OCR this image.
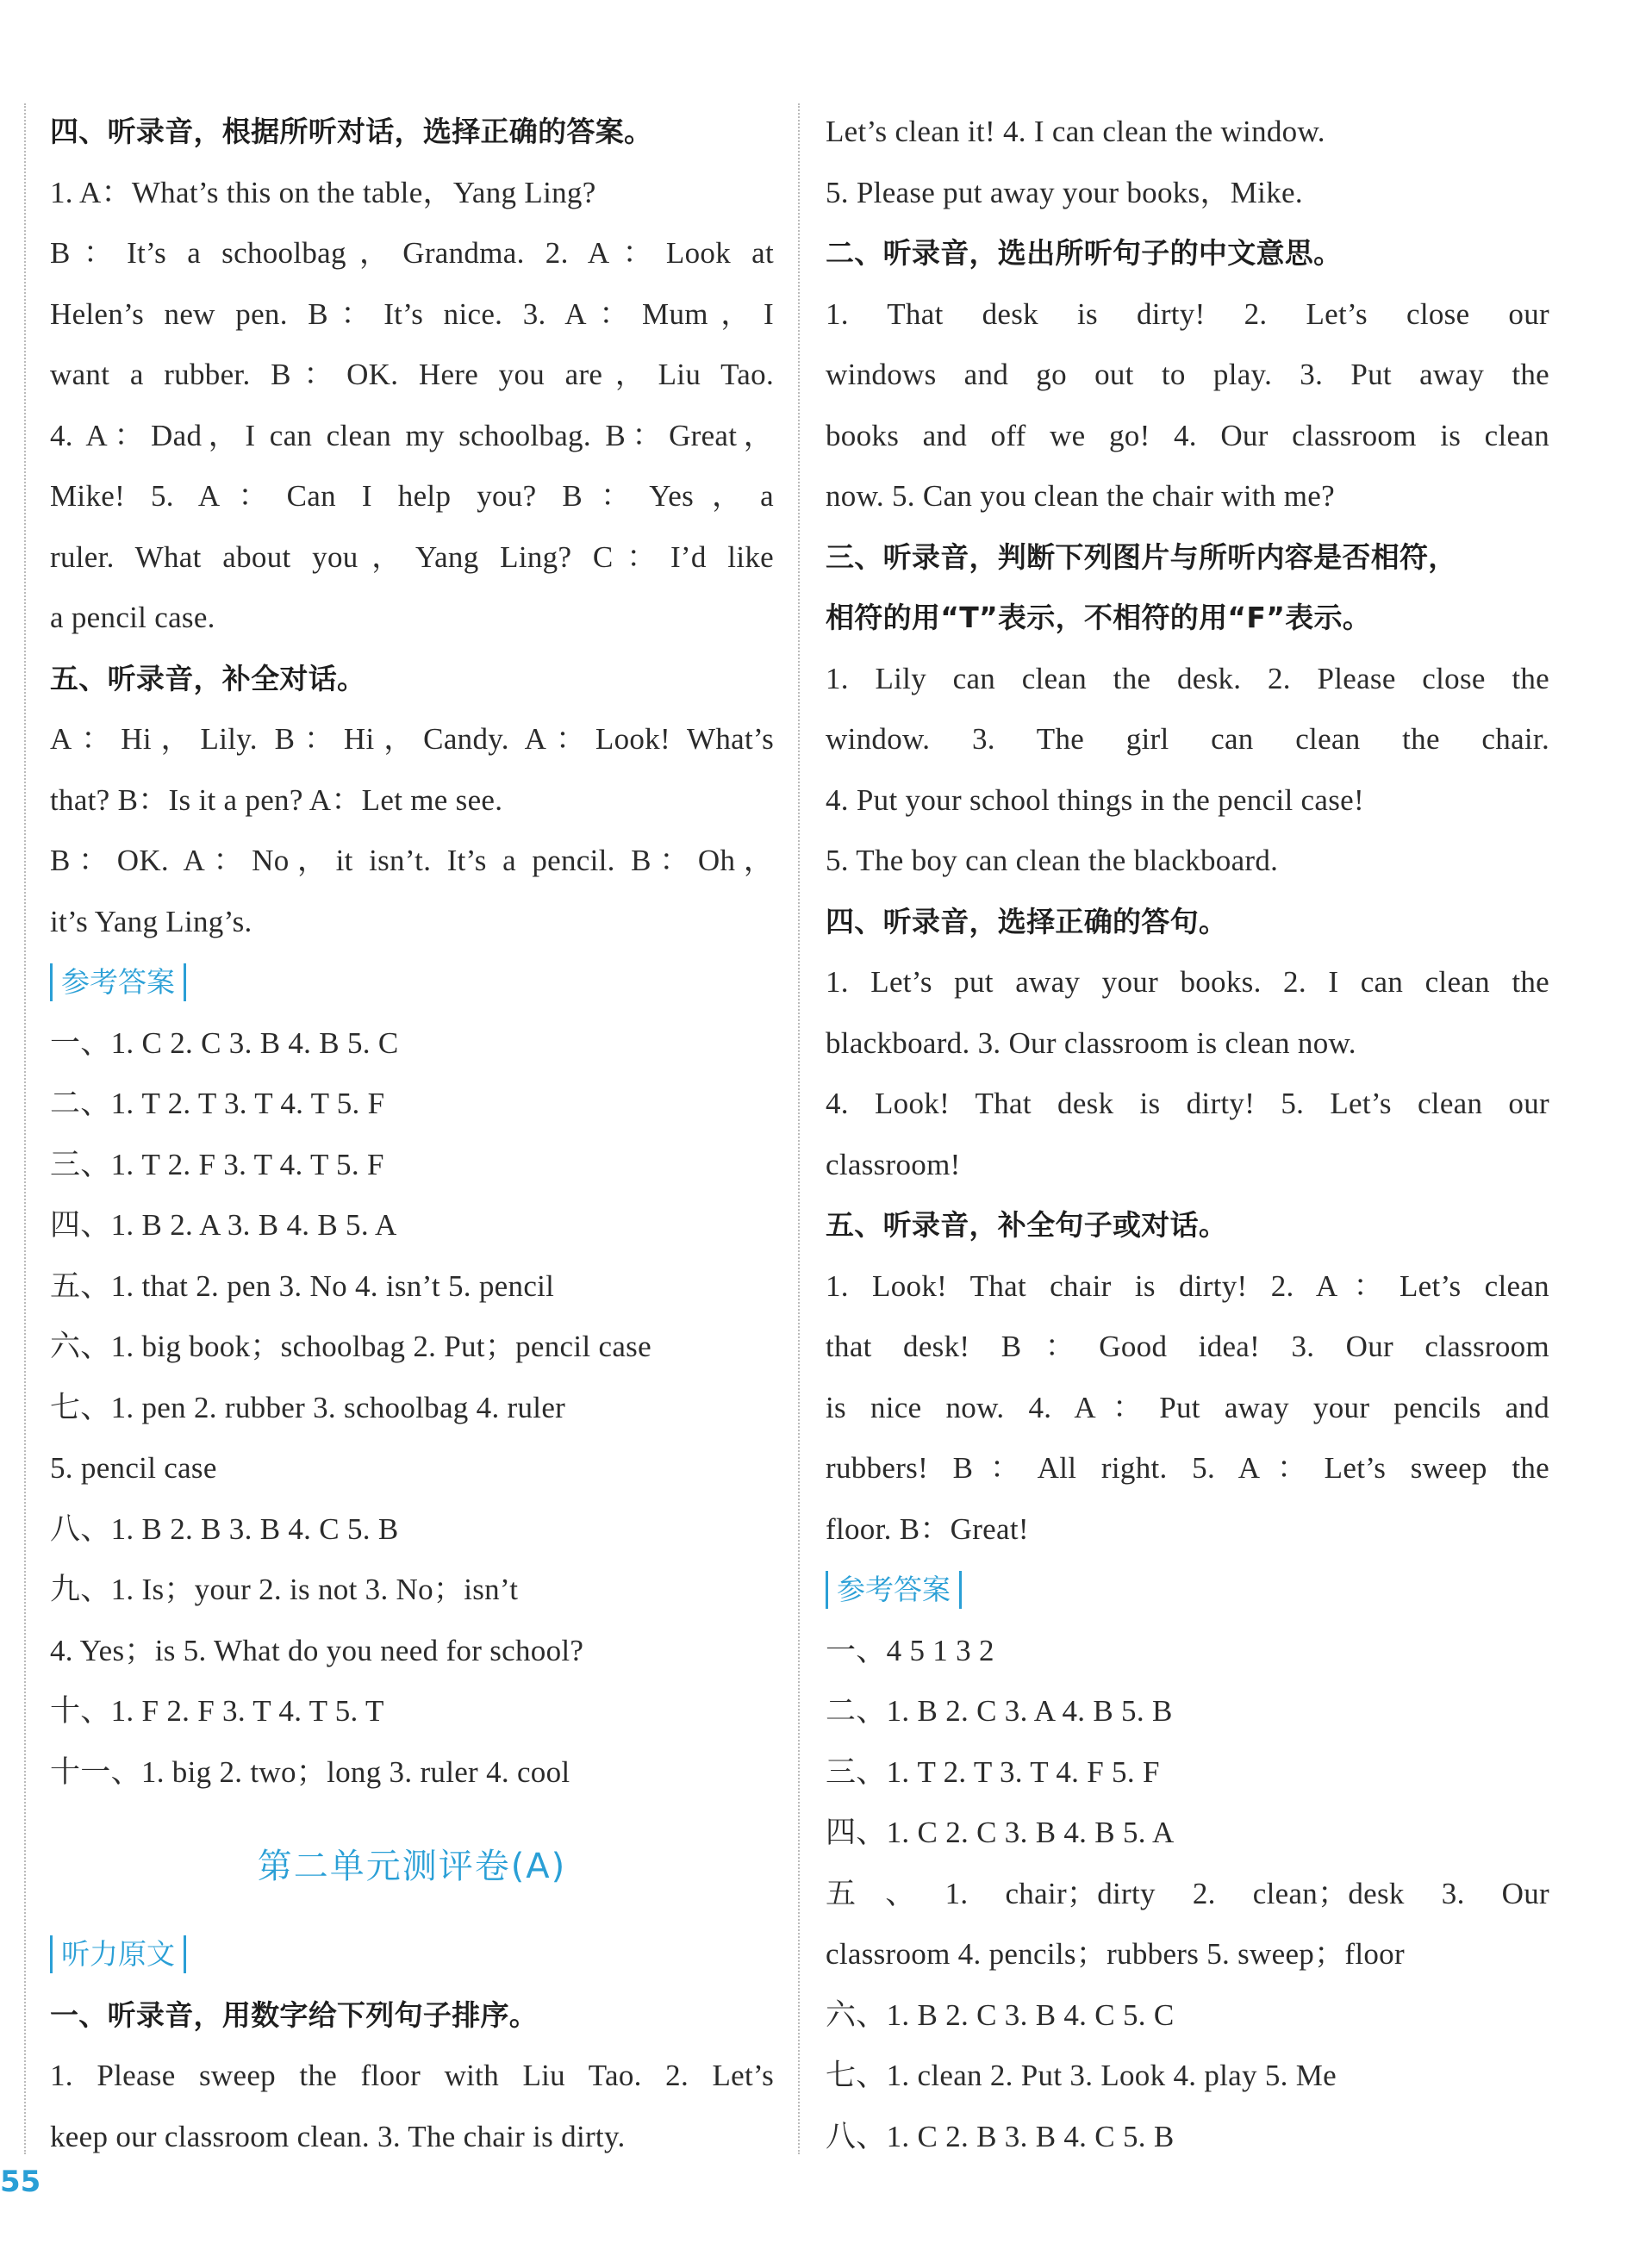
四、听录音，根据所听对话，选择正确的答案。
1. A：What’s this on the table，Yang Ling?
B：It’s a schoolbag，Grandma. 2. A：Look at
Helen’s new pen. B：It’s nice. 3. A：Mum，I
want a rubber. B：OK. Here you are，Liu Tao.
4. A：Dad，I can clean my schoolbag. B：Great，
Mike! 5. A：Can I help you? B：Yes，a
ruler. What about you，Yang Ling? C：I’d like
a pencil case.
五、听录音，补全对话。
A：Hi，Lily. B：Hi，Candy. A：Look! What’s
that? B：Is it a pen? A：Let me see.
B：OK. A：No，it isn’t. It’s a pencil. B：Oh，
it’s Yang Ling’s.
参考答案
一、1. C 2. C 3. B 4. B 5. C
二、1. T 2. T 3. T 4. T 5. F
三、1. T 2. F 3. T 4. T 5. F
四、1. B 2. A 3. B 4. B 5. A
五、1. that 2. pen 3. No 4. isn’t 5. pencil
六、1. big book；schoolbag 2. Put；pencil case
七、1. pen 2. rubber 3. schoolbag 4. ruler
5. pencil case
八、1. B 2. B 3. B 4. C 5. B
九、1. Is；your 2. is not 3. No；isn’t
4. Yes；is 5. What do you need for school?
十、1. F 2. F 3. T 4. T 5. T
十一、1. big 2. two；long 3. ruler 4. cool
第二单元测评卷(A)
听力原文
一、听录音，用数字给下列句子排序。
1. Please sweep the floor with Liu Tao. 2. Let’s
keep our classroom clean. 3. The chair is dirty.
Let’s clean it! 4. I can clean the window.
5. Please put away your books，Mike.
二、听录音，选出所听句子的中文意思。
1. That desk is dirty! 2. Let’s close our
windows and go out to play. 3. Put away the
books and off we go! 4. Our classroom is clean
now. 5. Can you clean the chair with me?
三、听录音，判断下列图片与所听内容是否相符，
相符的用“T”表示，不相符的用“F”表示。
1. Lily can clean the desk. 2. Please close the
window. 3. The girl can clean the chair.
4. Put your school things in the pencil case!
5. The boy can clean the blackboard.
四、听录音，选择正确的答句。
1. Let’s put away your books. 2. I can clean the
blackboard. 3. Our classroom is clean now.
4. Look! That desk is dirty! 5. Let’s clean our
classroom!
五、听录音，补全句子或对话。
1. Look! That chair is dirty! 2. A：Let’s clean
that desk! B：Good idea! 3. Our classroom
is nice now. 4. A：Put away your pencils and
rubbers! B：All right. 5. A：Let’s sweep the
floor. B：Great!
参考答案
一、4 5 1 3 2
二、1. B 2. C 3. A 4. B 5. B
三、1. T 2. T 3. T 4. F 5. F
四、1. C 2. C 3. B 4. B 5. A
五、1. chair；dirty 2. clean；desk 3. Our
classroom 4. pencils；rubbers 5. sweep；floor
六、1. B 2. C 3. B 4. C 5. C
七、1. clean 2. Put 3. Look 4. play 5. Me
八、1. C 2. B 3. B 4. C 5. B
55
